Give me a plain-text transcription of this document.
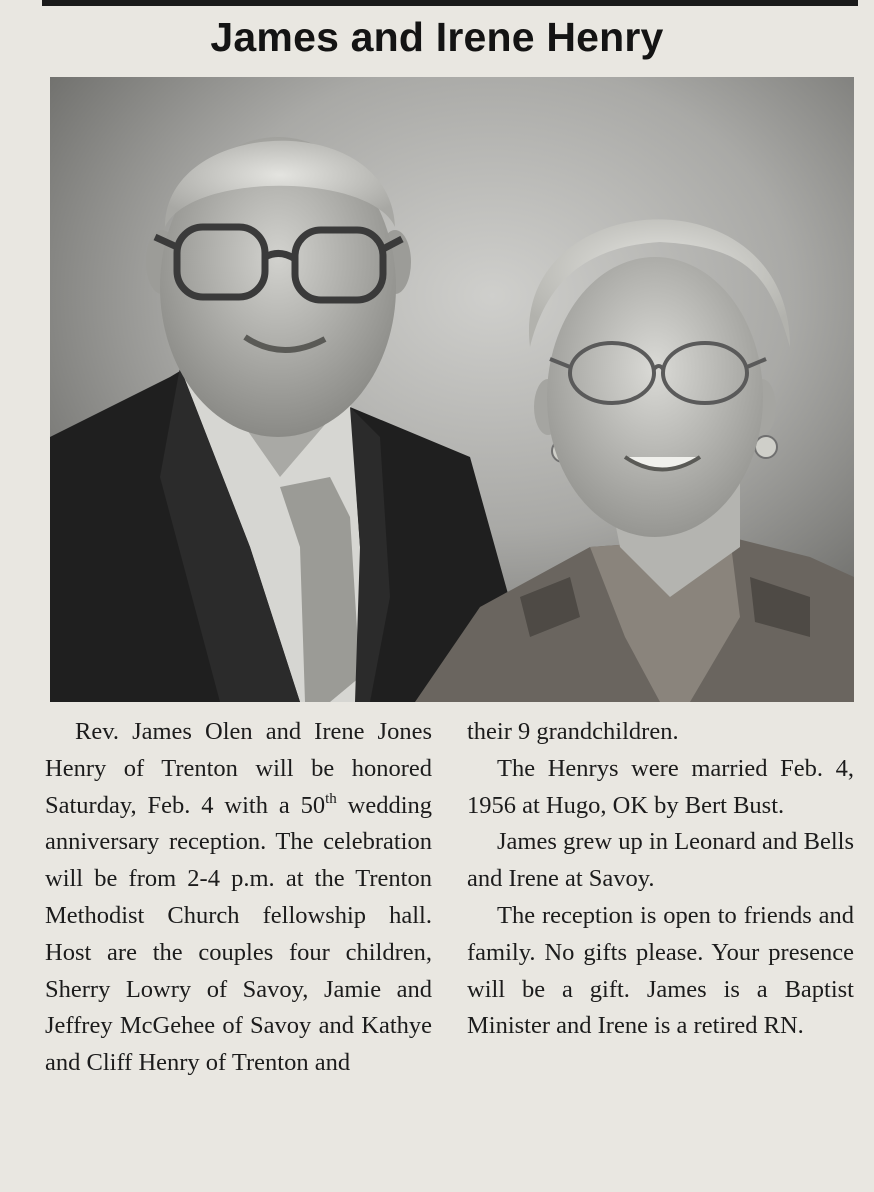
James and Irene Henry

Rev. James Olen and Irene Jones Henry of Trenton will be honored Saturday, Feb. 4 with a 50th wedding anniversary reception. The celebration will be from 2-4 p.m. at the Trenton Methodist Church fellowship hall. Host are the couples four children, Sherry Lowry of Savoy, Jamie and Jeffrey McGehee of Savoy and Kathye and Cliff Henry of Trenton and

their 9 grandchildren.

The Henrys were married Feb. 4, 1956 at Hugo, OK by Bert Bust.

James grew up in Leonard and Bells and Irene at Savoy.

The reception is open to friends and family. No gifts please. Your presence will be a gift. James is a Baptist Minister and Irene is a retired RN.
